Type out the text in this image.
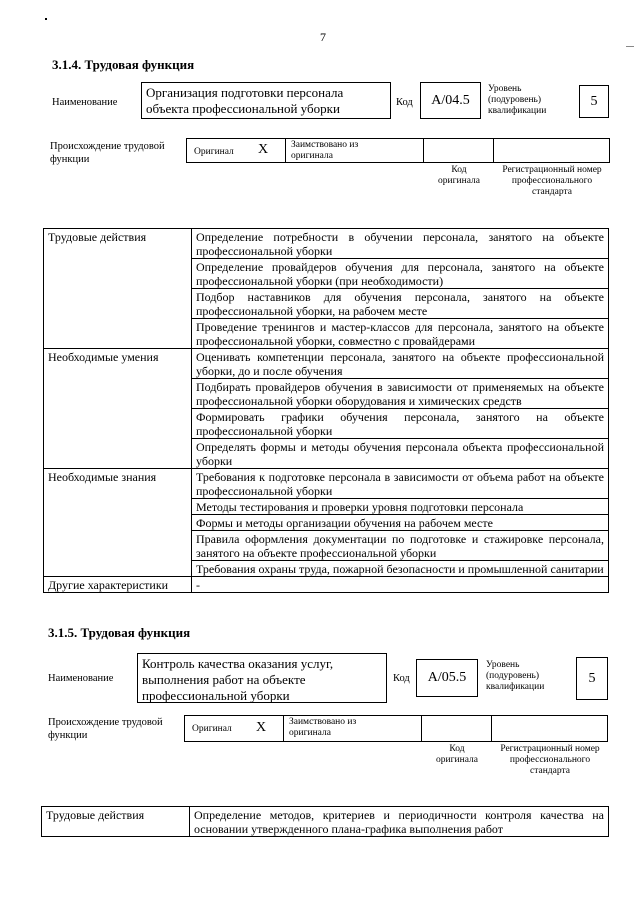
7
3.1.4. Трудовая функция
Наименование
Организация подготовки персонала объекта профессиональной уборки	Код A/04.5
Уровень (подуровень) квалификации
5
Происхождение трудовой функции
Оригинал X Заимствовано из оригинала
Код оригинала
Регистрационный номер профессионального стандарта
Трудовые действия	Определение потребности в обучении персонала, занятого на объекте профессиональной уборки
	Определение провайдеров обучения для персонала, занятого на объекте профессиональной уборки (при необходимости)
	Подбор наставников для обучения персонала, занятого на объекте профессиональной уборки, на рабочем месте
	Проведение тренингов и мастер-классов для персонала, занятого на объекте профессиональной уборки, совместно с провайдерами
Необходимые умения	Оценивать компетенции персонала, занятого на объекте профессиональной уборки, до и после обучения
	Подбирать провайдеров обучения в зависимости от применяемых на объекте профессиональной уборки оборудования и химических средств
	Формировать графики обучения персонала, занятого на объекте профессиональной уборки
	Определять формы и методы обучения персонала объекта профессиональной уборки
Необходимые знания	Требования к подготовке персонала в зависимости от объема работ на объекте профессиональной уборки
	Методы тестирования и проверки уровня подготовки персонала
	Формы и методы организации обучения на рабочем месте
	Правила оформления документации по подготовке и стажировке персонала, занятого на объекте профессиональной уборки
	Требования охраны труда, пожарной безопасности и промышленной санитарии
Другие характеристики	-
3.1.5. Трудовая функция
Наименование
Контроль качества оказания услуг, выполнения работ на объекте профессиональной уборки
Код A/05.5
Уровень (подуровень) квалификации
5
Происхождение трудовой функции
Оригинал X Заимствовано из оригинала
Код оригинала
Регистрационный номер профессионального стандарта
Трудовые действия	Определение методов, критериев и периодичности контроля качества на основании утвержденного плана-графика выполнения работ
